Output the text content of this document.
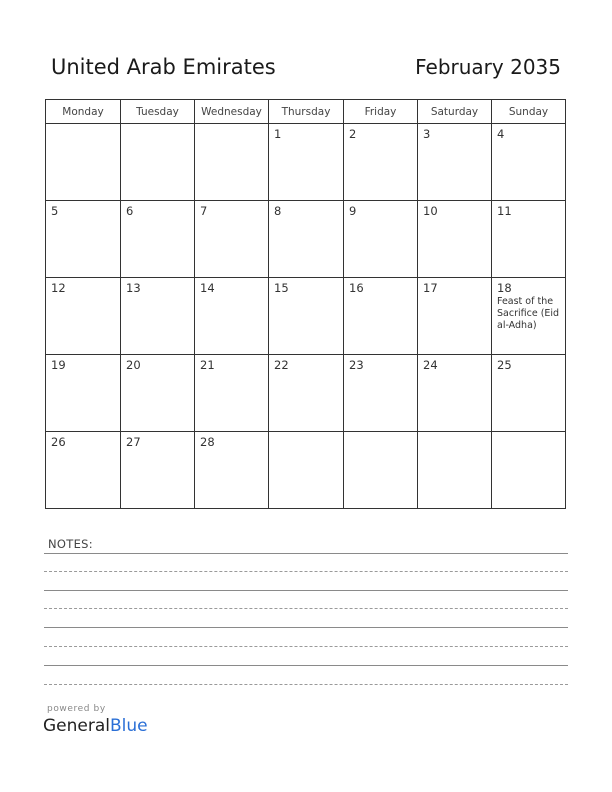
United Arab Emirates	February 2035
Monday	Tuesday	Wednesday	Thursday	Friday	Saturday	Sunday

			1	2	3	4

5	6	7	8	9	10	11

12	13	14	15	16	17	18
Feast of the Sacrifice (Eid al-Adha)

19	20	21	22	23	24	25

26	27	28				

NOTES:
powered by
GeneralBlue
